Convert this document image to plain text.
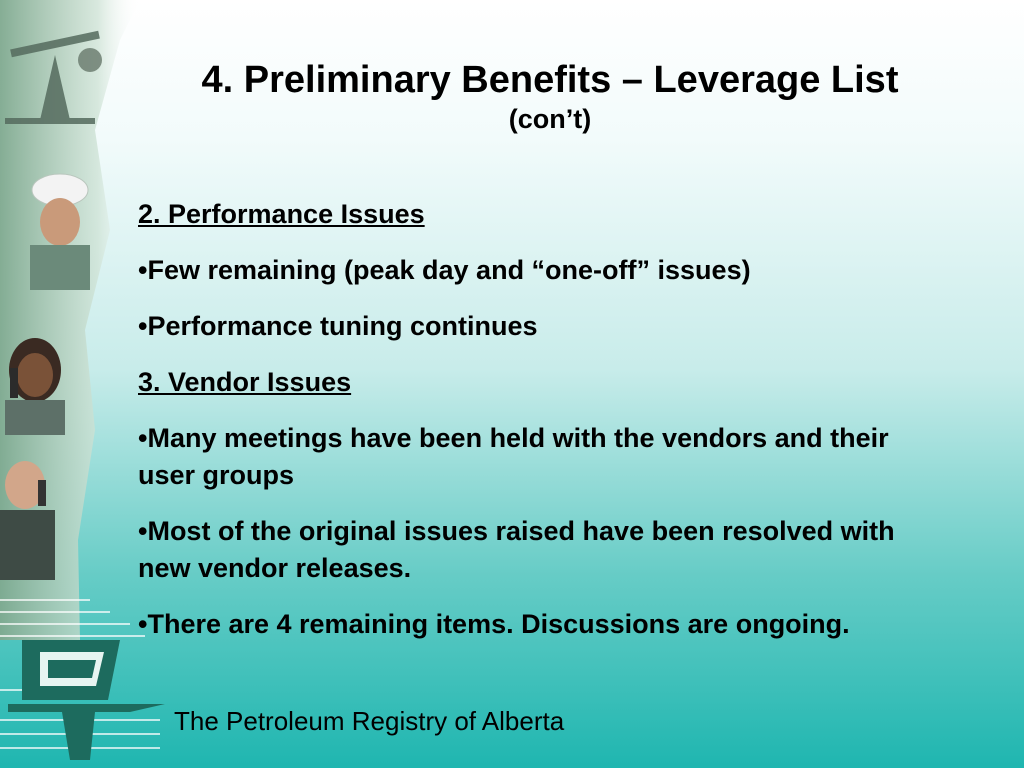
4. Preliminary Benefits – Leverage List
(con’t)

2. Performance Issues

•Few remaining (peak day and “one-off” issues)

•Performance tuning continues

3. Vendor Issues

•Many meetings have been held with the vendors and their user groups

•Most of the original issues raised have been resolved with new vendor releases.

•There are 4 remaining items. Discussions are ongoing.

The Petroleum Registry of Alberta
